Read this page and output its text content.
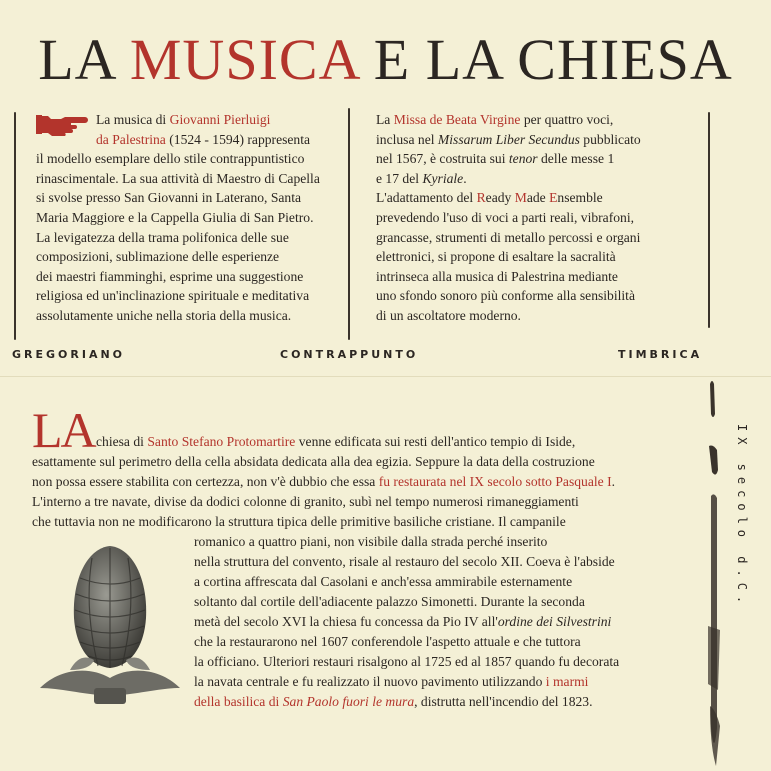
LA MUSICA E LA CHIESA

La musica di Giovanni Pierluigi

da Palestrina (1524 - 1594) rappresenta

il modello esemplare dello stile contrappuntistico

rinascimentale. La sua attività di Maestro di Capella

si svolse presso San Giovanni in Laterano, Santa

Maria Maggiore e la Cappella Giulia di San Pietro.

La levigatezza della trama polifonica delle sue

composizioni, sublimazione delle esperienze

dei maestri fiamminghi, esprime una suggestione

religiosa ed un'inclinazione spirituale e meditativa

assolutamente uniche nella storia della musica.

La Missa de Beata Virgine per quattro voci,

inclusa nel Missarum Liber Secundus pubblicato

nel 1567, è costruita sui tenor delle messe 1

e 17 del Kyriale.

L'adattamento del Ready Made Ensemble

prevedendo l'uso di voci a parti reali, vibrafoni,

grancasse, strumenti di metallo percossi e organi

elettronici, si propone di esaltare la sacralità

intrinseca alla musica di Palestrina mediante

uno sfondo sonoro più conforme alla sensibilità

di un ascoltatore moderno.

GREGORIANO	CONTRAPPUNTO	TIMBRICA
IX secolo d.C.
LA chiesa di Santo Stefano Protomartire venne edificata sui resti dell'antico tempio di Iside,
esattamente sul perimetro della cella absidata dedicata alla dea egizia. Seppure la data della costruzione
non possa essere stabilita con certezza, non v'è dubbio che essa fu restaurata nel IX secolo sotto Pasquale I.
L'interno a tre navate, divise da dodici colonne di granito, subì nel tempo numerosi rimaneggiamenti
che tuttavia non ne modificarono la struttura tipica delle primitive basiliche cristiane. Il campanile
romanico a quattro piani, non visibile dalla strada perché inserito
nella struttura del convento, risale al restauro del secolo XII. Coeva è l'abside
a cortina affrescata dal Casolani e anch'essa ammirabile esternamente
soltanto dal cortile dell'adiacente palazzo Simonetti. Durante la seconda
metà del secolo XVI la chiesa fu concessa da Pio IV all'ordine dei Silvestrini
che la restaurarono nel 1607 conferendole l'aspetto attuale e che tuttora
la officiano. Ulteriori restauri risalgono al 1725 ed al 1857 quando fu decorata
la navata centrale e fu realizzato il nuovo pavimento utilizzando i marmi
della basilica di San Paolo fuori le mura, distrutta nell'incendio del 1823.
